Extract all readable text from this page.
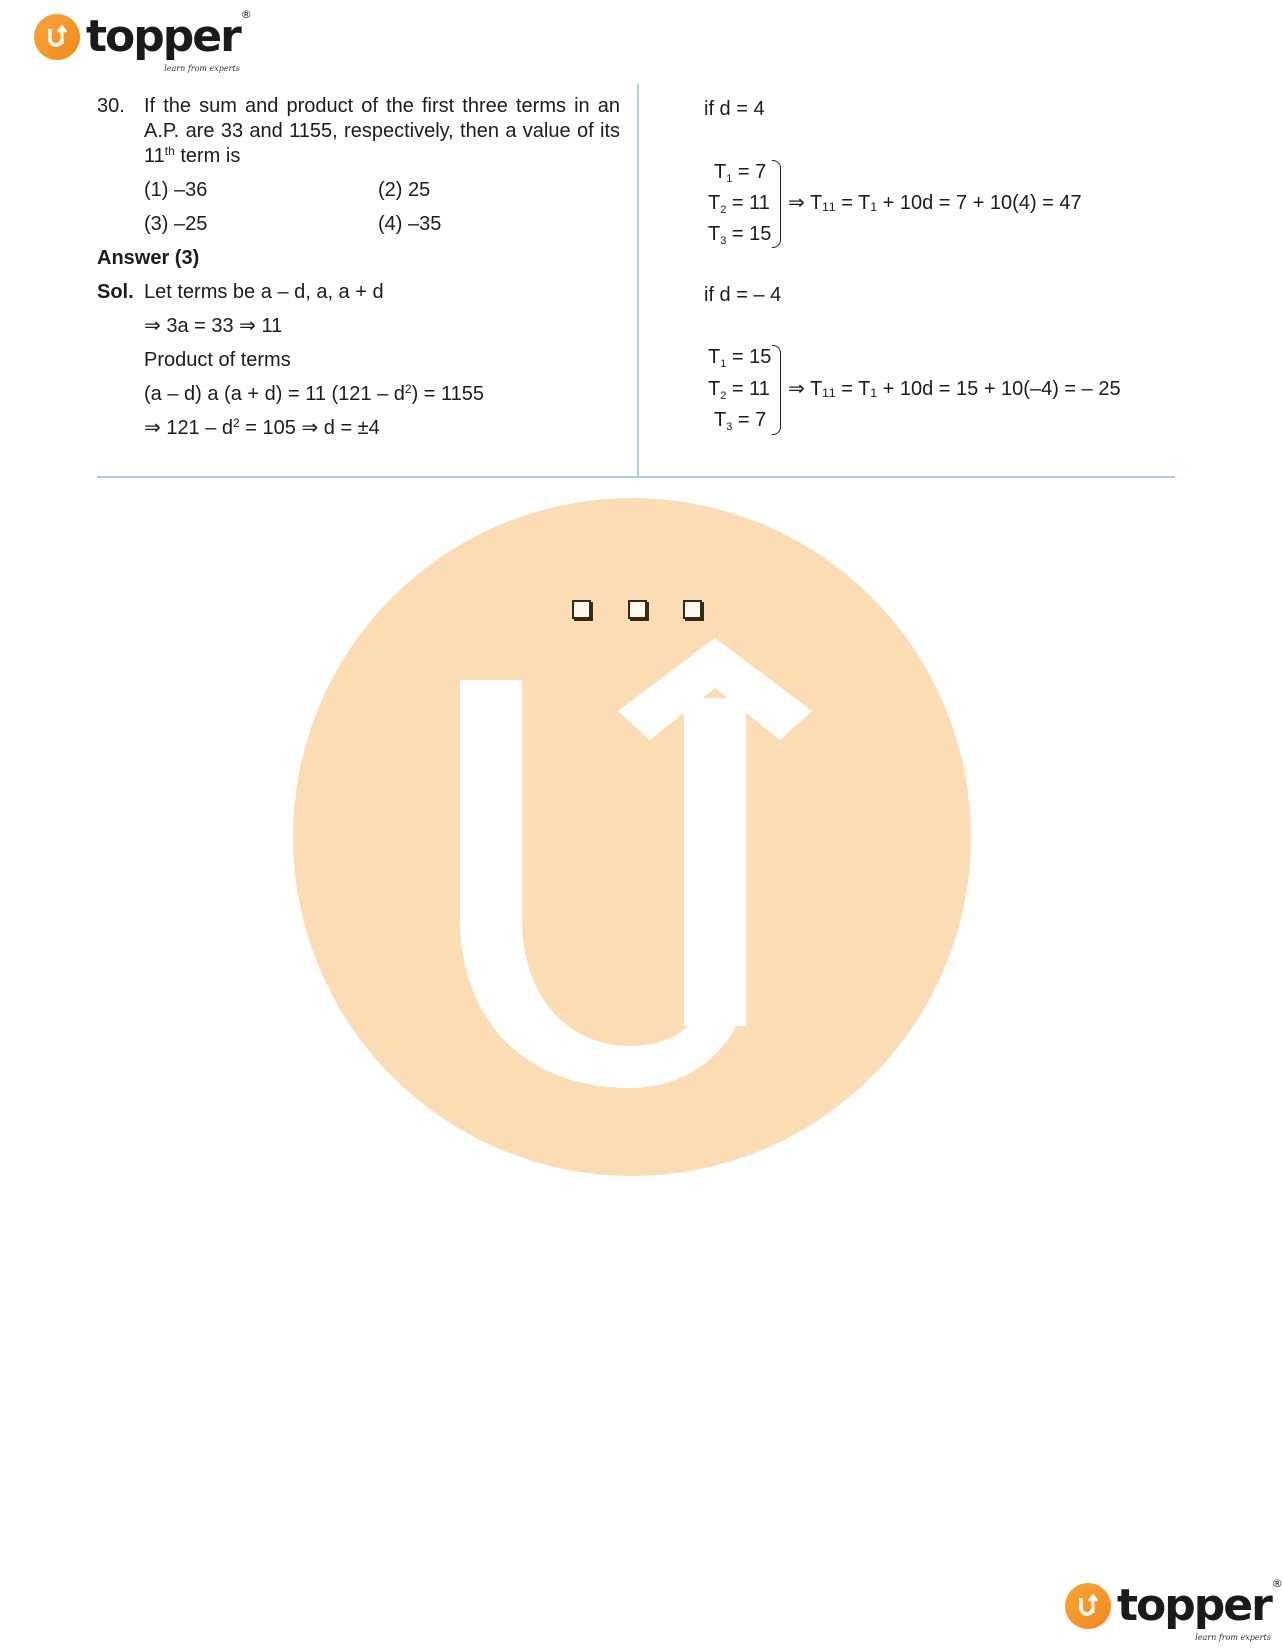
topper ®
learn from experts
30. If the sum and product of the first three terms in an A.P. are 33 and 1155, respectively, then a value of its 11th term is
(1) –36	(2) 25
(3) –25	(4) –35
Answer (3)
Sol. Let terms be a – d, a, a + d
⇒ 3a = 33 ⇒ 11
Product of terms
(a – d) a (a + d) = 11 $(121 - d^2) = 1155$
⇒ $121 - d^2 = 105$ ⇒ d = ±4
if d = 4
$T_1 = 7$
$T_2 = 11$
$T_3 = 15$
⇒ T₁₁ = T₁ + 10d = 7 + 10(4) = 47
if d = – 4
$T_1 = 15$
$T_2 = 11$
$T_3 = 7$
⇒ T₁₁ = T₁ + 10d = 15 + 10(–4) = – 25
topper ®
learn from experts
